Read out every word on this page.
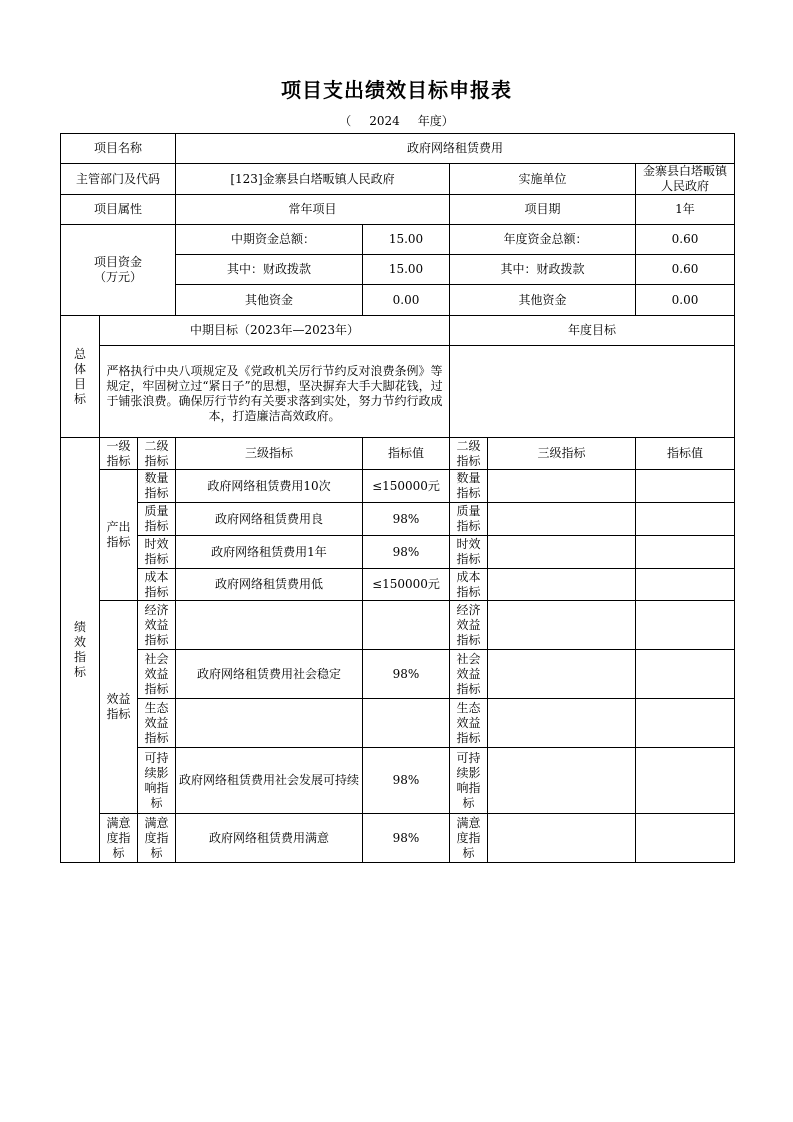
项目支出绩效目标申报表
（ 2024 年度）
项目名称			政府网络租赁费用				
主管部门及代码			[123]金寨县白塔畈镇人民政府		实施单位		金寨县白塔畈镇人民政府
项目属性			常年项目		项目期		1年

项目资金
（万元）			中期资金总额：	15.00	年度资金总额：		0.60
			其中：财政拨款	15.00	其中：财政拨款		0.60
			其他资金	0.00	其他资金		0.00
总
体
目
标	中期目标（2023年—2023年）				年度目标		
	严格执行中央八项规定及《党政机关厉行节约反对浪费条例》等规定，牢固树立过“紧日子”的思想，坚决摒弃大手大脚花钱，过于铺张浪费。确保厉行节约有关要求落到实处，努力节约行政成本，打造廉洁高效政府。						
绩
效
指
标	一级指标	二级指标	三级指标	指标值	二级指标	三级指标	指标值
	产出指标	数量指标	政府网络租赁费用10次	≤150000元	数量指标		
		质量指标	政府网络租赁费用良	98%	质量指标		
		时效指标	政府网络租赁费用1年	98%	时效指标		
		成本指标	政府网络租赁费用低	≤150000元	成本指标		
	效益指标	经济效益指标			经济效益指标		
		社会效益指标	政府网络租赁费用社会稳定	98%	社会效益指标		
		生态效益指标			生态效益指标		
		可持续影响指标	政府网络租赁费用社会发展可持续	98%	可持续影响指标		
	满意度指标	满意度指标	政府网络租赁费用满意	98%	满意度指标		
